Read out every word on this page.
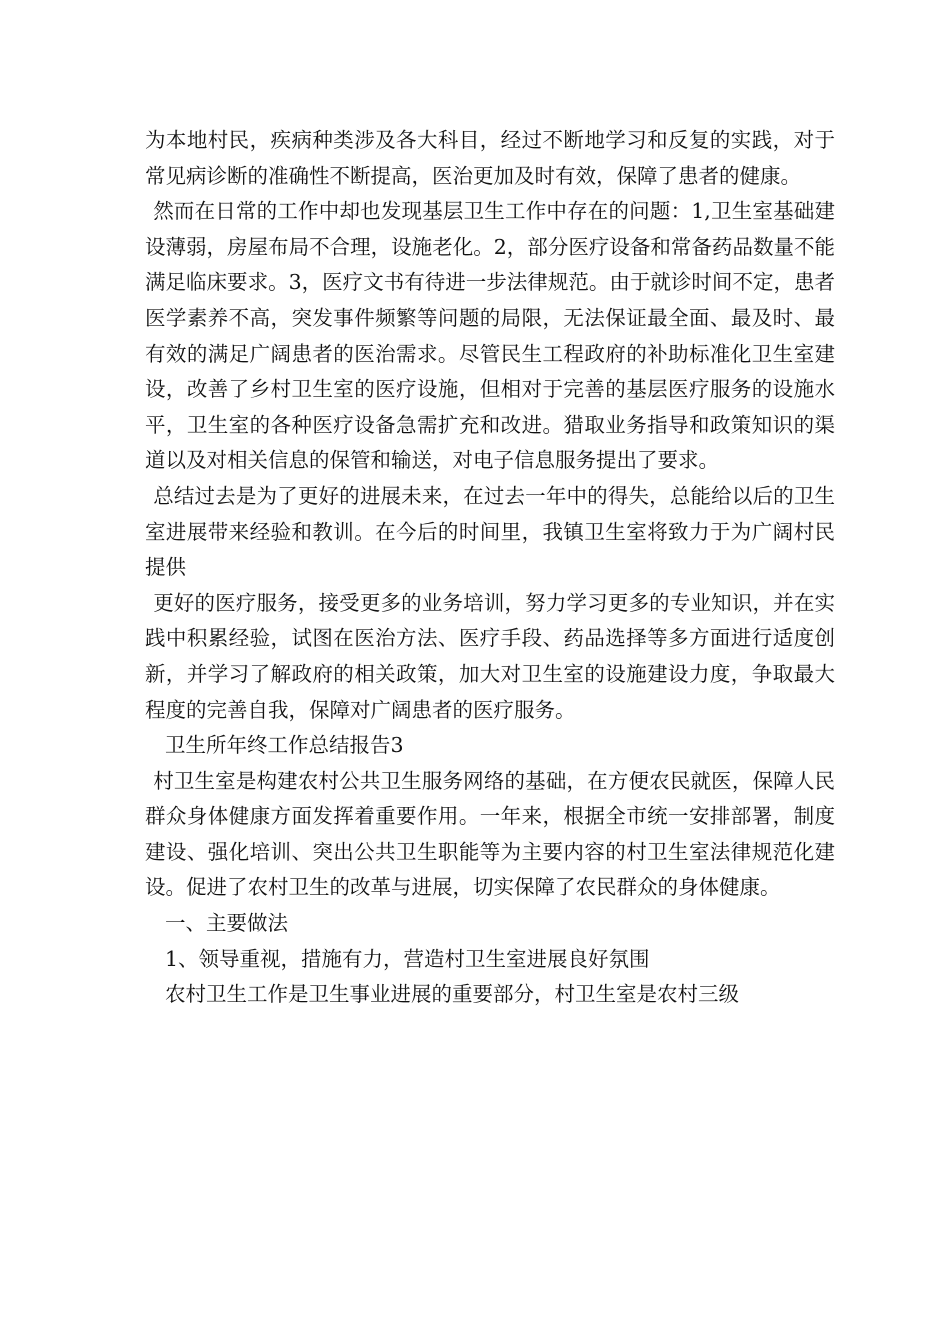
为本地村民，疾病种类涉及各大科目，经过不断地学习和反复的实践，对于常见病诊断的准确性不断提高，医治更加及时有效，保障了患者的健康。

然而在日常的工作中却也发现基层卫生工作中存在的问题：1,卫生室基础建设薄弱，房屋布局不合理，设施老化。2，部分医疗设备和常备药品数量不能满足临床要求。3，医疗文书有待进一步法律规范。由于就诊时间不定，患者医学素养不高，突发事件频繁等问题的局限，无法保证最全面、最及时、最有效的满足广阔患者的医治需求。尽管民生工程政府的补助标准化卫生室建设，改善了乡村卫生室的医疗设施，但相对于完善的基层医疗服务的设施水平，卫生室的各种医疗设备急需扩充和改进。猎取业务指导和政策知识的渠道以及对相关信息的保管和输送，对电子信息服务提出了要求。

总结过去是为了更好的进展未来，在过去一年中的得失，总能给以后的卫生室进展带来经验和教训。在今后的时间里，我镇卫生室将致力于为广阔村民提供

更好的医疗服务，接受更多的业务培训，努力学习更多的专业知识，并在实践中积累经验，试图在医治方法、医疗手段、药品选择等多方面进行适度创新，并学习了解政府的相关政策，加大对卫生室的设施建设力度，争取最大程度的完善自我，保障对广阔患者的医疗服务。

卫生所年终工作总结报告3

村卫生室是构建农村公共卫生服务网络的基础，在方便农民就医，保障人民群众身体健康方面发挥着重要作用。一年来，根据全市统一安排部署，制度建设、强化培训、突出公共卫生职能等为主要内容的村卫生室法律规范化建设。促进了农村卫生的改革与进展，切实保障了农民群众的身体健康。

一、主要做法

1、领导重视，措施有力，营造村卫生室进展良好氛围

农村卫生工作是卫生事业进展的重要部分，村卫生室是农村三级
